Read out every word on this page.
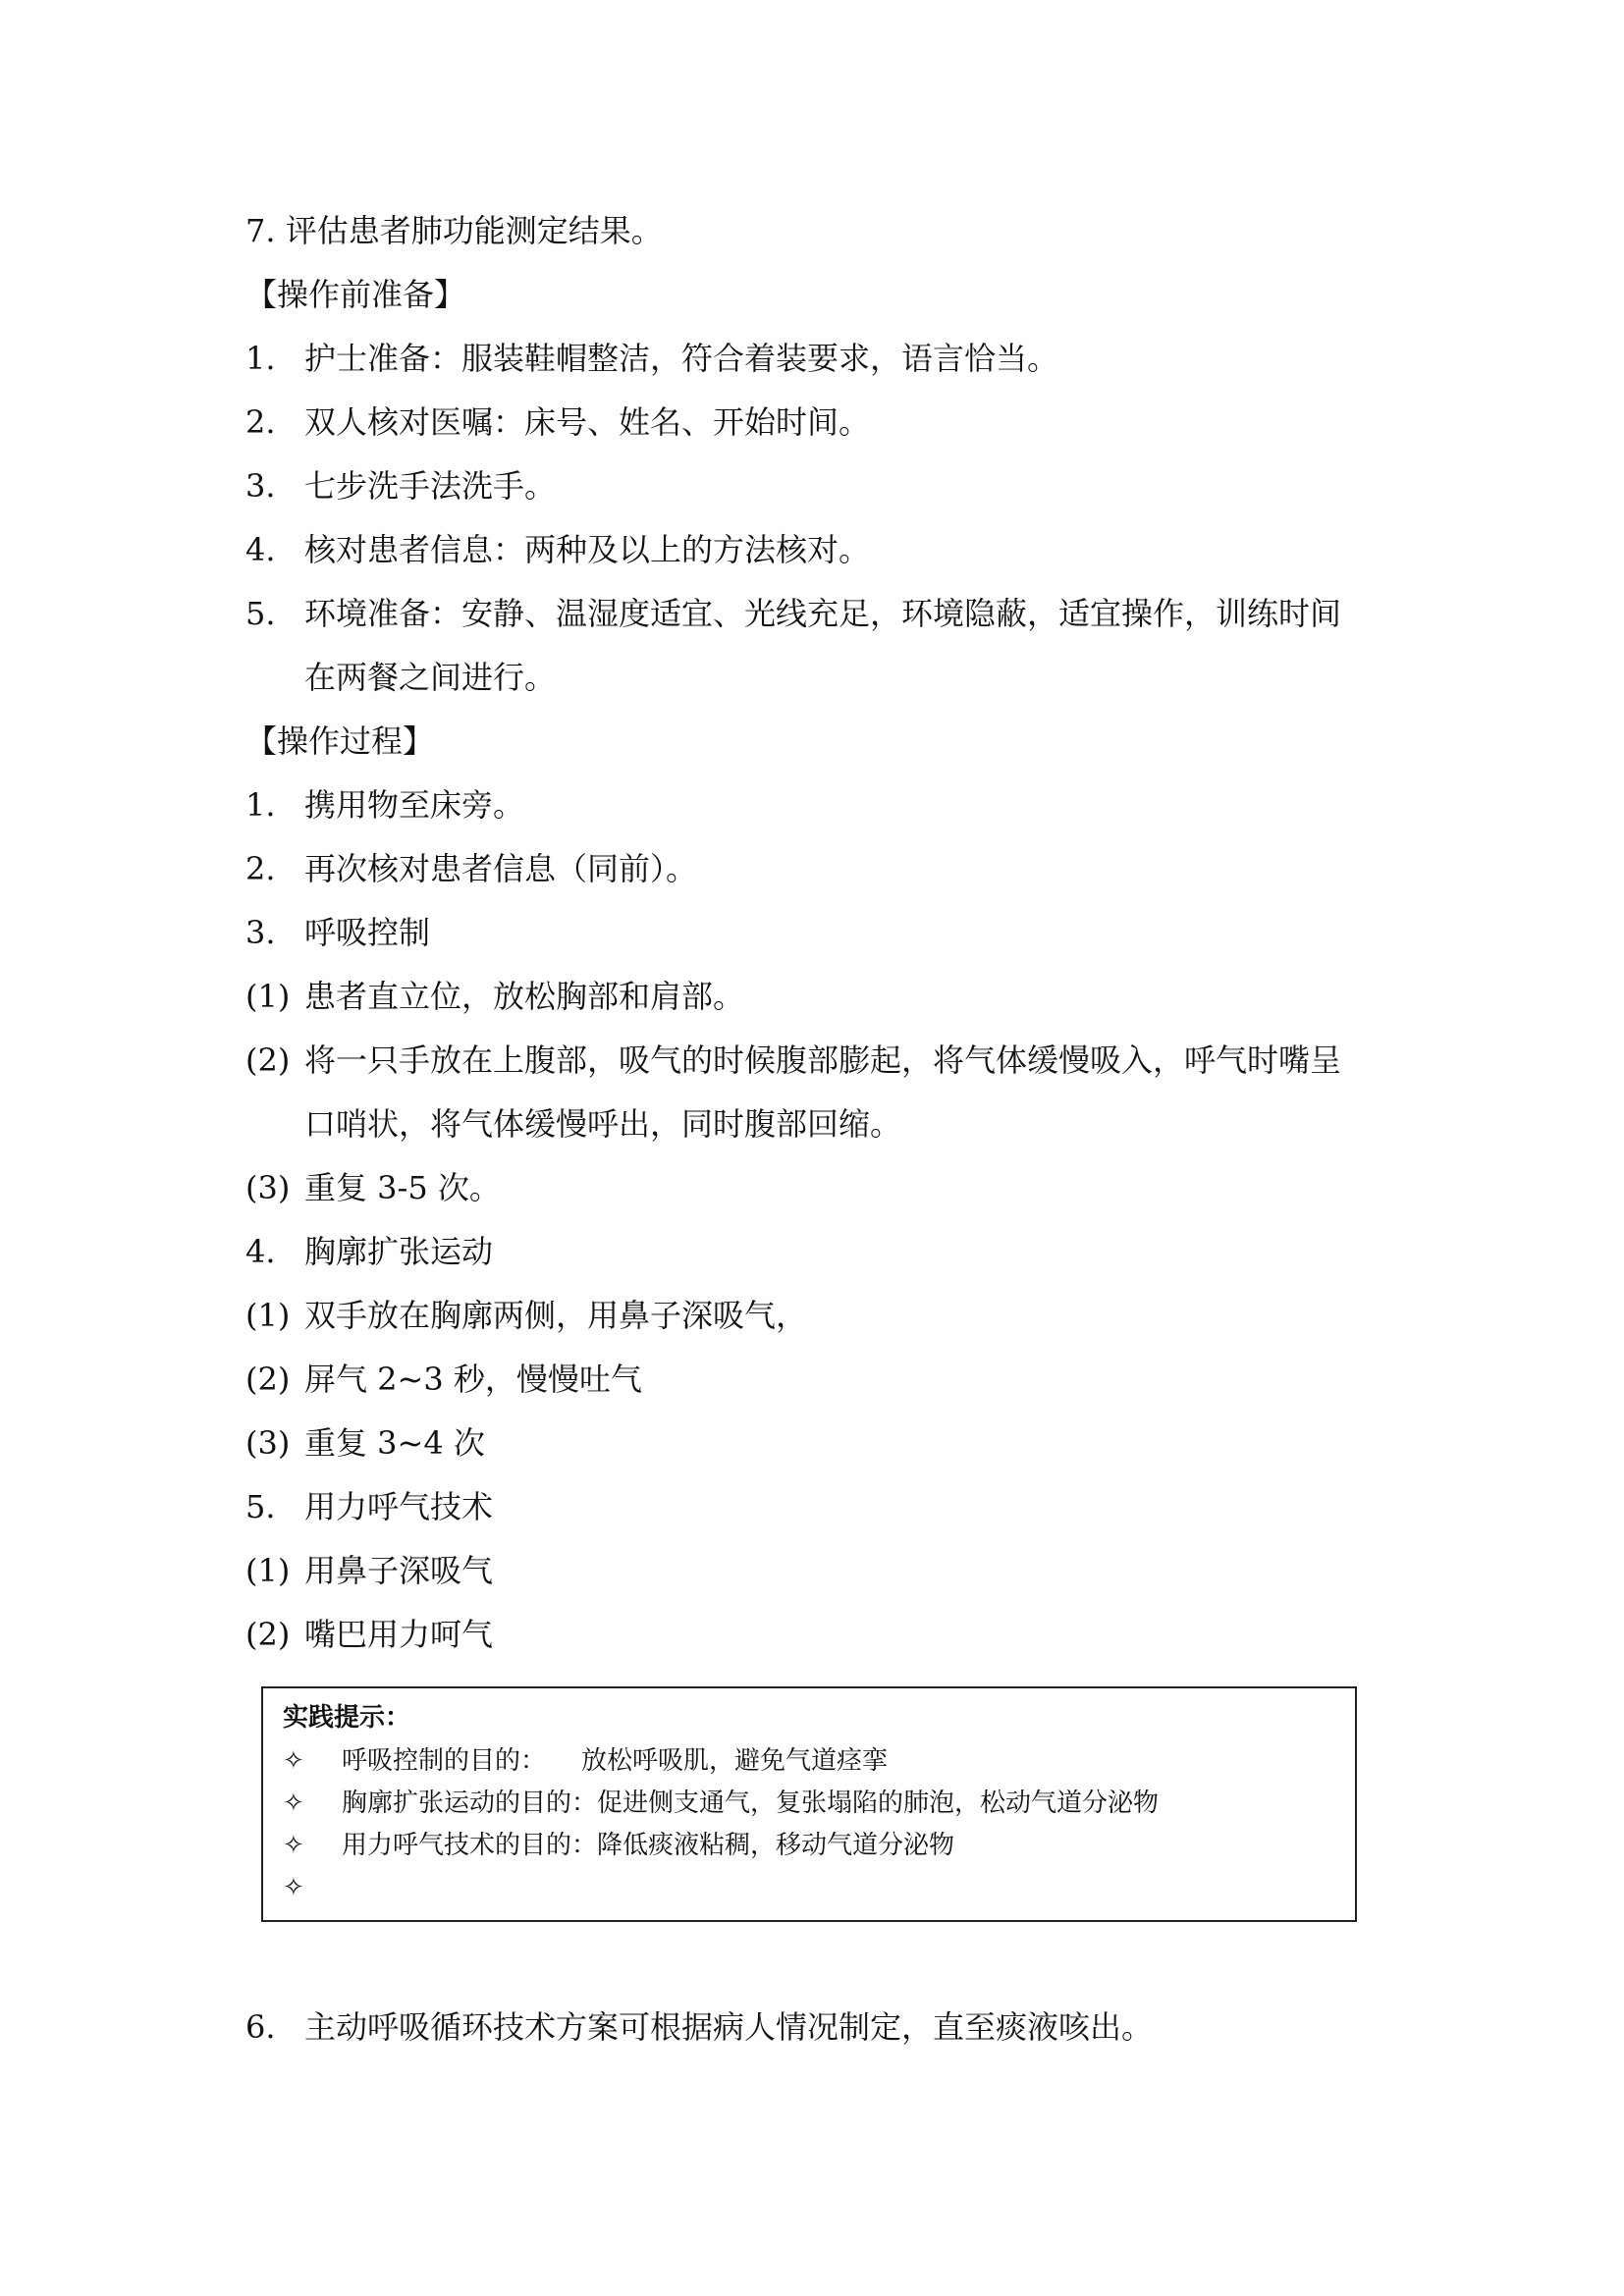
7. 评估患者肺功能测定结果。
【操作前准备】
1. 护士准备：服装鞋帽整洁，符合着装要求，语言恰当。
2. 双人核对医嘱：床号、姓名、开始时间。
3. 七步洗手法洗手。
4. 核对患者信息：两种及以上的方法核对。
5. 环境准备：安静、温湿度适宜、光线充足，环境隐蔽，适宜操作，训练时间
在两餐之间进行。
【操作过程】
1. 携用物至床旁。
2. 再次核对患者信息（同前）。
3. 呼吸控制
(1) 患者直立位，放松胸部和肩部。
(2) 将一只手放在上腹部，吸气的时候腹部膨起，将气体缓慢吸入，呼气时嘴呈
口哨状，将气体缓慢呼出，同时腹部回缩。
(3) 重复 3-5 次。
4. 胸廓扩张运动
(1) 双手放在胸廓两侧，用鼻子深吸气，
(2) 屏气 2~3 秒，慢慢吐气
(3) 重复 3~4 次
5. 用力呼气技术
(1) 用鼻子深吸气
(2) 嘴巴用力呵气
实践提示：
✧ 呼吸控制的目的： 放松呼吸肌，避免气道痉挛
✧ 胸廓扩张运动的目的：促进侧支通气，复张塌陷的肺泡，松动气道分泌物
✧ 用力呼气技术的目的：降低痰液粘稠，移动气道分泌物
✧
6. 主动呼吸循环技术方案可根据病人情况制定，直至痰液咳出。
